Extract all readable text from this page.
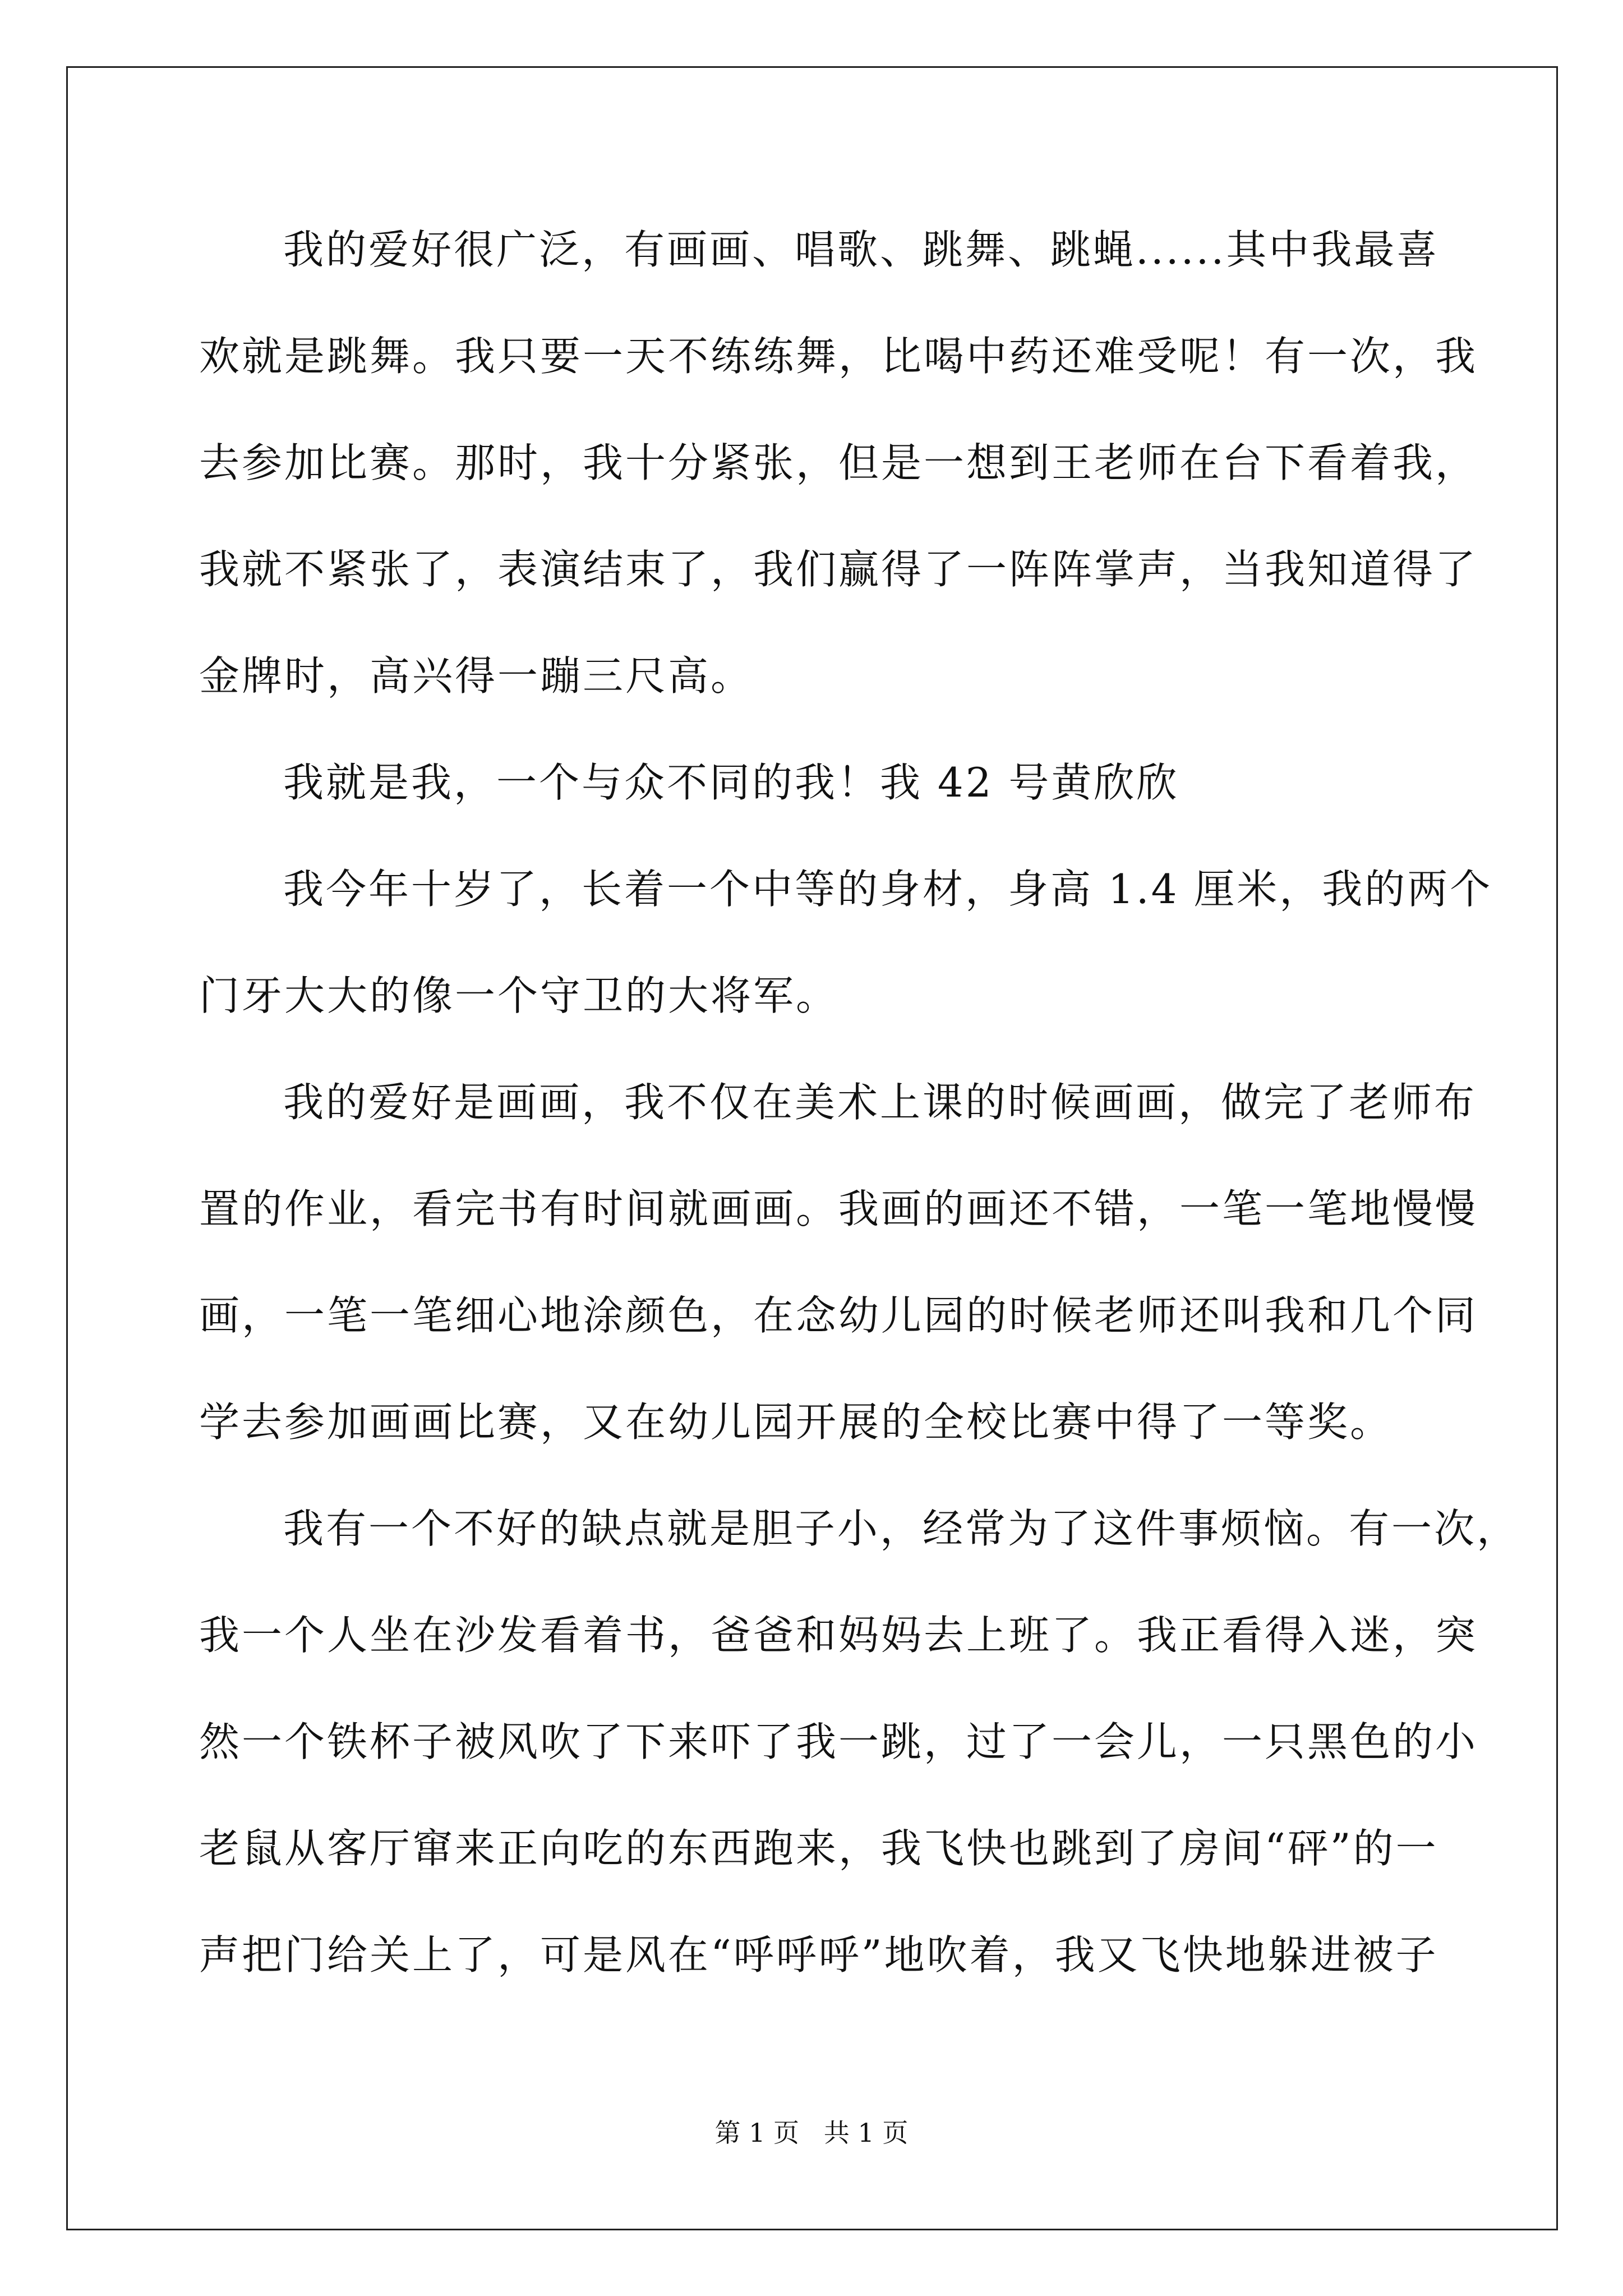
我的爱好很广泛，有画画、唱歌、跳舞、跳蝇......其中我最喜
欢就是跳舞。我只要一天不练练舞，比喝中药还难受呢！有一次，我
去参加比赛。那时，我十分紧张，但是一想到王老师在台下看着我，
我就不紧张了，表演结束了，我们赢得了一阵阵掌声，当我知道得了
金牌时，高兴得一蹦三尺高。
我就是我，一个与众不同的我！我 42 号黄欣欣
我今年十岁了，长着一个中等的身材，身高 1.4 厘米，我的两个
门牙大大的像一个守卫的大将军。
我的爱好是画画，我不仅在美术上课的时候画画，做完了老师布
置的作业，看完书有时间就画画。我画的画还不错，一笔一笔地慢慢
画，一笔一笔细心地涂颜色，在念幼儿园的时候老师还叫我和几个同
学去参加画画比赛，又在幼儿园开展的全校比赛中得了一等奖。
我有一个不好的缺点就是胆子小，经常为了这件事烦恼。有一次，
我一个人坐在沙发看着书，爸爸和妈妈去上班了。我正看得入迷，突
然一个铁杯子被风吹了下来吓了我一跳，过了一会儿，一只黑色的小
老鼠从客厅窜来正向吃的东西跑来，我飞快也跳到了房间“砰”的一
声把门给关上了，可是风在“呼呼呼”地吹着，我又飞快地躲进被子
第 1 页   共 1 页
